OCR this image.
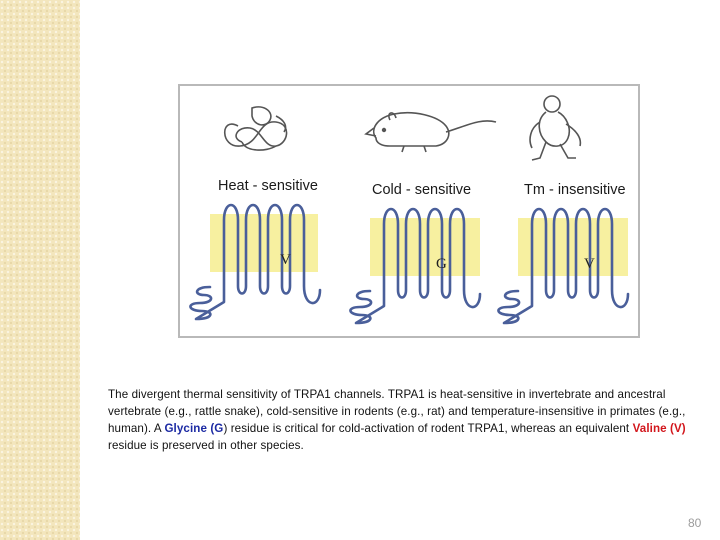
Heat - sensitive	Cold - sensitive	Tm - insensitive
V	G	V
The divergent thermal sensitivity of TRPA1 channels. TRPA1 is heat-sensitive in invertebrate and ancestral vertebrate (e.g., rattle snake), cold-sensitive in rodents (e.g., rat) and temperature-insensitive in primates (e.g., human). A Glycine (G) residue is critical for cold-activation of rodent TRPA1, whereas an equivalent Valine (V) residue is preserved in other species.
80
